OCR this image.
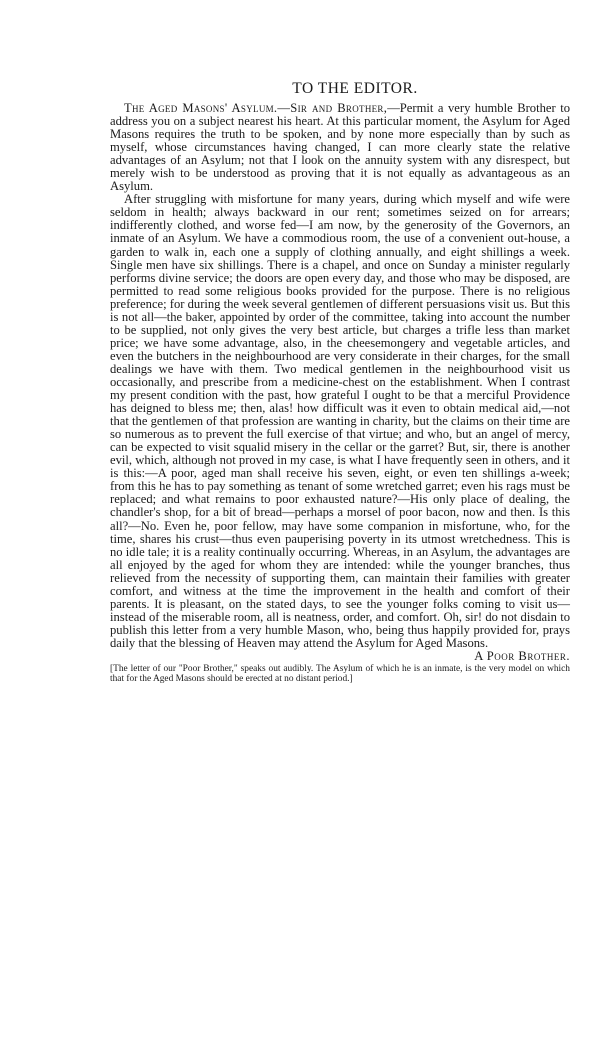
TO THE EDITOR.

The Aged Masons' Asylum.—Sir and Brother,—Permit a very humble Brother to address you on a subject nearest his heart. At this particular moment, the Asylum for Aged Masons requires the truth to be spoken, and by none more especially than by such as myself, whose circumstances having changed, I can more clearly state the relative advantages of an Asylum; not that I look on the annuity system with any disrespect, but merely wish to be understood as proving that it is not equally as advantageous as an Asylum.

After struggling with misfortune for many years, during which myself and wife were seldom in health; always backward in our rent; sometimes seized on for arrears; indifferently clothed, and worse fed—I am now, by the generosity of the Governors, an inmate of an Asylum. We have a commodious room, the use of a convenient out-house, a garden to walk in, each one a supply of clothing annually, and eight shillings a week. Single men have six shillings. There is a chapel, and once on Sunday a minister regularly performs divine service; the doors are open every day, and those who may be disposed, are permitted to read some religious books provided for the purpose. There is no religious preference; for during the week several gentlemen of different persuasions visit us. But this is not all—the baker, appointed by order of the committee, taking into account the number to be supplied, not only gives the very best article, but charges a trifle less than market price; we have some advantage, also, in the cheesemongery and vegetable articles, and even the butchers in the neighbourhood are very considerate in their charges, for the small dealings we have with them. Two medical gentlemen in the neighbourhood visit us occasionally, and prescribe from a medicine-chest on the establishment. When I contrast my present condition with the past, how grateful I ought to be that a merciful Providence has deigned to bless me; then, alas! how difficult was it even to obtain medical aid,—not that the gentlemen of that profession are wanting in charity, but the claims on their time are so numerous as to prevent the full exercise of that virtue; and who, but an angel of mercy, can be expected to visit squalid misery in the cellar or the garret? But, sir, there is another evil, which, although not proved in my case, is what I have frequently seen in others, and it is this:—A poor, aged man shall receive his seven, eight, or even ten shillings a-week; from this he has to pay something as tenant of some wretched garret; even his rags must be replaced; and what remains to poor exhausted nature?—His only place of dealing, the chandler's shop, for a bit of bread—perhaps a morsel of poor bacon, now and then. Is this all?—No. Even he, poor fellow, may have some companion in misfortune, who, for the time, shares his crust—thus even pauperising poverty in its utmost wretchedness. This is no idle tale; it is a reality continually occurring. Whereas, in an Asylum, the advantages are all enjoyed by the aged for whom they are intended: while the younger branches, thus relieved from the necessity of supporting them, can maintain their families with greater comfort, and witness at the time the improvement in the health and comfort of their parents. It is pleasant, on the stated days, to see the younger folks coming to visit us—instead of the miserable room, all is neatness, order, and comfort. Oh, sir! do not disdain to publish this letter from a very humble Mason, who, being thus happily provided for, prays daily that the blessing of Heaven may attend the Asylum for Aged Masons.
A Poor Brother.

[The letter of our "Poor Brother," speaks out audibly. The Asylum of which he is an inmate, is the very model on which that for the Aged Masons should be erected at no distant period.]
